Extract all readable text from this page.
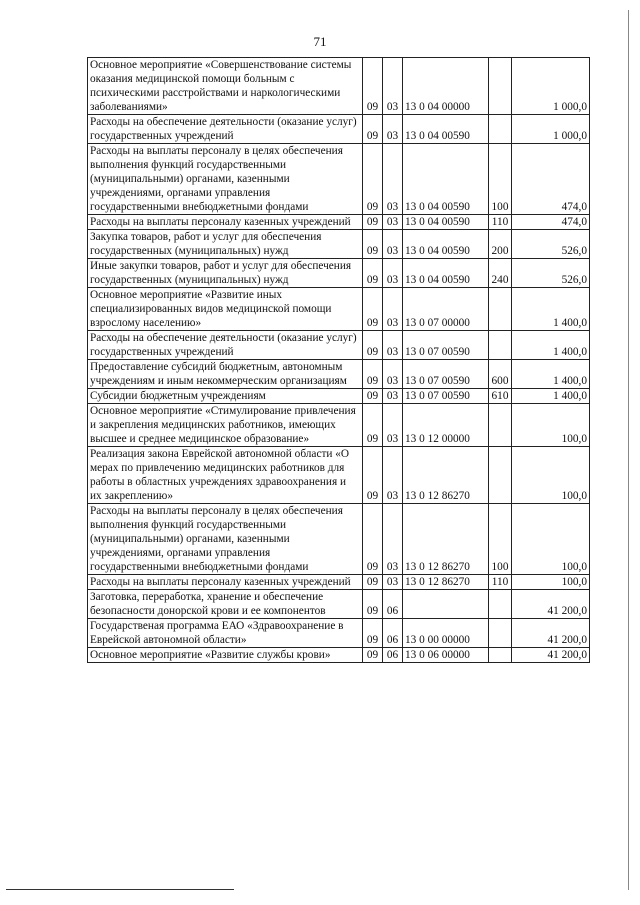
71
Основное мероприятие «Совершенствование системы оказания медицинской помощи больным с психическими расстройствами и наркологическими заболеваниями»	09	03	13 0 04 00000		1 000,0
Расходы на обеспечение деятельности (оказание услуг) государственных учреждений	09	03	13 0 04 00590		1 000,0
Расходы на выплаты персоналу в целях обеспечения выполнения функций государственными (муниципальными) органами, казенными учреждениями, органами управления государственными внебюджетными фондами	09	03	13 0 04 00590	100	474,0
Расходы на выплаты персоналу казенных учреждений	09	03	13 0 04 00590	110	474,0
Закупка товаров, работ и услуг для обеспечения государственных (муниципальных) нужд	09	03	13 0 04 00590	200	526,0
Иные закупки товаров, работ и услуг для обеспечения государственных (муниципальных) нужд	09	03	13 0 04 00590	240	526,0
Основное мероприятие «Развитие иных специализированных видов медицинской помощи взрослому населению»	09	03	13 0 07 00000		1 400,0
Расходы на обеспечение деятельности (оказание услуг) государственных учреждений	09	03	13 0 07 00590		1 400,0
Предоставление субсидий бюджетным, автономным учреждениям и иным некоммерческим организациям	09	03	13 0 07 00590	600	1 400,0
Субсидии бюджетным учреждениям	09	03	13 0 07 00590	610	1 400,0
Основное мероприятие «Стимулирование привлечения и закрепления медицинских работников, имеющих высшее и среднее медицинское образование»	09	03	13 0 12 00000		100,0
Реализация закона Еврейской автономной области «О мерах по привлечению медицинских работников для работы в областных учреждениях здравоохранения и их закреплению»	09	03	13 0 12 86270		100,0
Расходы на выплаты персоналу в целях обеспечения выполнения функций государственными (муниципальными) органами, казенными учреждениями, органами управления государственными внебюджетными фондами	09	03	13 0 12 86270	100	100,0
Расходы на выплаты персоналу казенных учреждений	09	03	13 0 12 86270	110	100,0
Заготовка, переработка, хранение и обеспечение безопасности донорской крови и ее компонентов	09	06			41 200,0
Государственая программа ЕАО «Здравоохранение в Еврейской автономной области»	09	06	13 0 00 00000		41 200,0
Основное мероприятие «Развитие службы крови»	09	06	13 0 06 00000		41 200,0
